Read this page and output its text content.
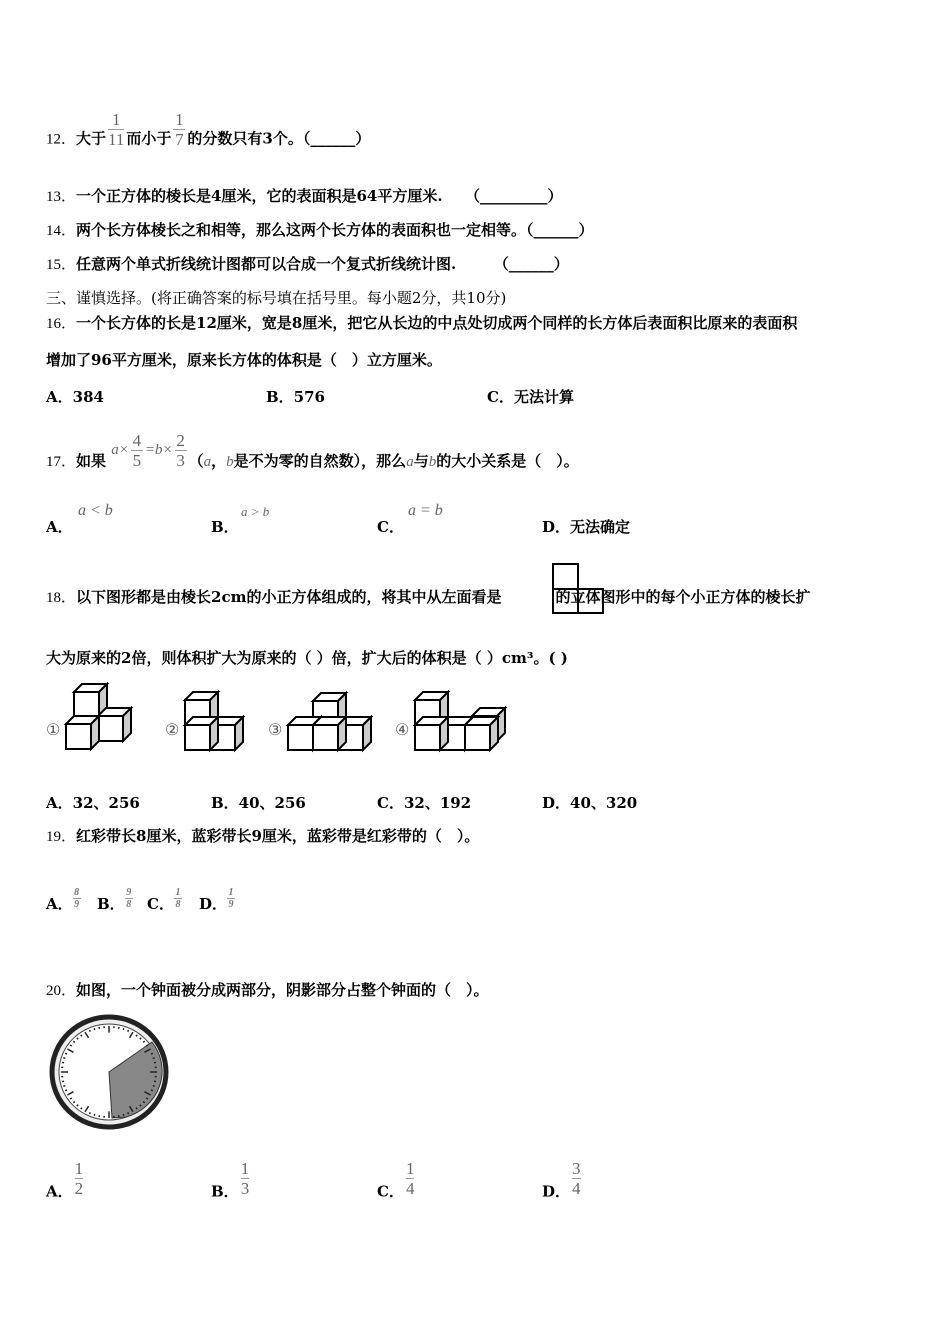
12．大于 $\frac{1}{11}$ 而小于 $\frac{1}{7}$ 的分数只有3个。（______）
13．一个正方体的棱长是4厘米，它的表面积是64平方厘米.　　（_________）
14．两个长方体棱长之和相等，那么这两个长方体的表面积也一定相等。（______）
15．任意两个单式折线统计图都可以合成一个复式折线统计图.　　　（______）
三、谨慎选择。(将正确答案的标号填在括号里。每小题2分，共10分)
16．一个长方体的长是12厘米，宽是8厘米，把它从长边的中点处切成两个同样的长方体后表面积比原来的表面积
增加了96平方厘米，原来长方体的体积是（　）立方厘米。
A．384	B．576	C．无法计算
17．如果 $a\times \frac{4}{5} =b\times \frac{2}{3} (a$，b是不为零的自然数），那么a与b的大小关系是（　）。
A．
a < b
B．
a > b
C．
a = b
D．无法确定
18．以下图形都是由棱长2cm的小正方体组成的，将其中从左面看是	的立体图形中的每个小正方体的棱长扩
大为原来的2倍，则体积扩大为原来的（ ）倍，扩大后的体积是（ ）cm³。( )
①	②	③	④
A．32、256	B．40、256	C．32、192	D．40、320
19．红彩带长8厘米，蓝彩带长9厘米，蓝彩带是红彩带的（　）。
A． $\frac{8}{9}$ B． $\frac{9}{8}$ C． $\frac{1}{8}$ D． $\frac{1}{9}$
20．如图，一个钟面被分成两部分，阴影部分占整个钟面的（　）。
A． $\frac{1}{2}$	B． $\frac{1}{3}$	C． $\frac{1}{4}$	D． $\frac{3}{4}$
